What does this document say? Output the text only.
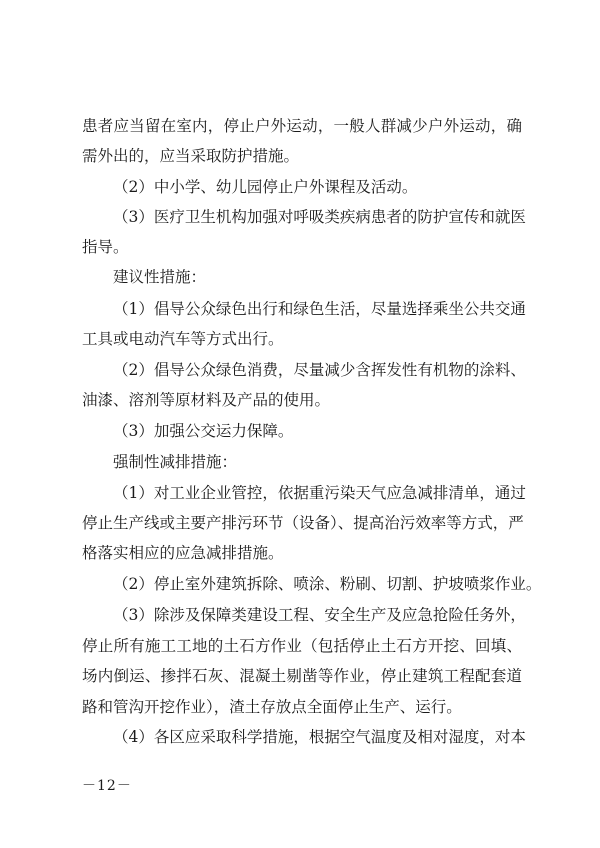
患者应当留在室内，停止户外运动，一般人群减少户外运动，确
需外出的，应当采取防护措施。
（2）中小学、幼儿园停止户外课程及活动。
（3）医疗卫生机构加强对呼吸类疾病患者的防护宣传和就医
指导。
建议性措施：
（1）倡导公众绿色出行和绿色生活，尽量选择乘坐公共交通
工具或电动汽车等方式出行。
（2）倡导公众绿色消费，尽量减少含挥发性有机物的涂料、
油漆、溶剂等原材料及产品的使用。
（3）加强公交运力保障。
强制性减排措施：
（1）对工业企业管控，依据重污染天气应急减排清单，通过
停止生产线或主要产排污环节（设备）、提高治污效率等方式，严
格落实相应的应急减排措施。
（2）停止室外建筑拆除、喷涂、粉刷、切割、护坡喷浆作业。
（3）除涉及保障类建设工程、安全生产及应急抢险任务外，
停止所有施工工地的土石方作业（包括停止土石方开挖、回填、
场内倒运、掺拌石灰、混凝土剔凿等作业，停止建筑工程配套道
路和管沟开挖作业），渣土存放点全面停止生产、运行。
（4）各区应采取科学措施，根据空气温度及相对湿度，对本
－12－
